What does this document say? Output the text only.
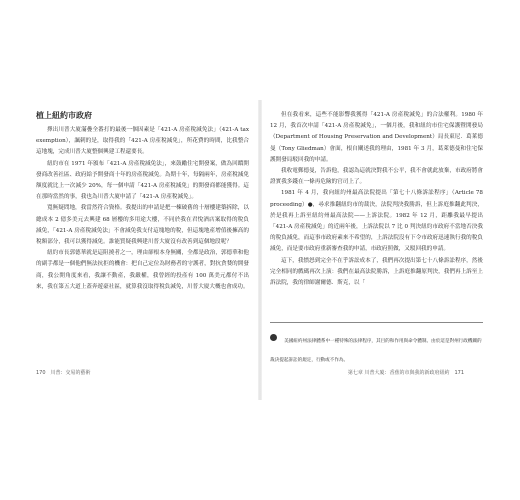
植上紐約市政府

擇出川普大廈滿疊全番打的最後一個因素是「421-A 房產稅減免法」（421-A tax exemption），諷刺的是，取得我的「421-A 房產稅減免」，所花費的時間，比我整合這地塊，完成川普大廈整個興建工程還要長。

紐約市在 1971 年頒布「421-A 房產稅減免法」，來鼓勵住宅開發案，做為回饋開發商改善社區、政府給予開發商十年的房產稅減免。為期十年，每隔兩年，房產稅減免額度就比上一次減少 20%，每一個申請「421-A 房產稅減免」的開發商都能獲得。這在那時當然的事，我也為川普大廈申請了「421-A 房產稅減免」。

寬無疑問地，我當然符合資格。我提出的申請是把一棟破舊的十層樓建築拆除，以總成本 2 億多美元去興建 68 層樓的多用途大樓，不同於我在君悅酒店案取得的稅負減免，「421-A 房產稅減免法」不會減免我支付這塊地的稅，但這塊地產增值後擁高的稅額部分，我可以獲得減免。誰能質疑我興建川普大廈沒有改善到這個地段呢？

紐約市長郭德華就是這阻撓者之一，理由卻根本身無關，全都是政治，郭德華和他的副手都是一個他們無法抗拒的機會：把自己定位為財務者的守護者，對抗貪婪的開發商，我公開角度來看，我讓不動產，我嚴權，我曾經的投產有 100 萬美元都付不出來，我在第五大道上蓋奔遊豪社區，就算我沒取得稅負減免，川普大廈大概也會成功。

但在我看來，這些不能影響我獲得「421-A 房產稅減免」的合法權利。1980 年 12 月，我首次申請「421-A 房產稅減免」，一個月後，我和紐約市住宅保護暨開發局（Department of Housing Preservation and Development）局長東尼．葛萊德曼（Tony Gliedman）會面，根自闡述我的理由，1981 年 3 月，葛萊德曼和住宅保護開發局駁回我的申請。

我收電郵德曼，告訴他，我認為這就決對我不公平，我不會就此放棄，市政府將會證實我多錢在一條再危險的官司上了。

1981 年 4 月，我向紐約州最高法院提出「第七十八條訴訟程序」（Article 78 proceeding）●，尋求推翻紐約市的裁決，法院判決我勝訴，但上訴庭推翻此判決，於是我再上訴至紐約州最高法院——上訴法院。1982 年 12 月，距離我最早提出「421-A 房產稅減免」的近兩年後，上訴法院以 7 比 0 判決紐約市政府不當地否決我的稅負減免，而這事市政府素來不希望的，上訴法院沒有下令市政府迅速執行我的稅負減免，而是要市政府重新審查我的申請，市政府照做，又駁回我的申請。

這下，我憤怒到完全不在乎訴訟成本了，我們再次提出第七十八條訴訟程序，然後完全相同的戲碼再次上演：我們在最高法院勝訴，上訴庭推翻原判決，我們再上訴至上訴法院，我的律師謝爾德．斯克，以「

美國紐約州法律體系中一種特殊的法律程序，其目的和作用與命令體制。由於這是對州行政機關的裁決提起訴訟的規定，行動或不作為。
170　川普：交易的藝術	第七章 川普大廈：香蕉的市與我的新政府紐約　171
